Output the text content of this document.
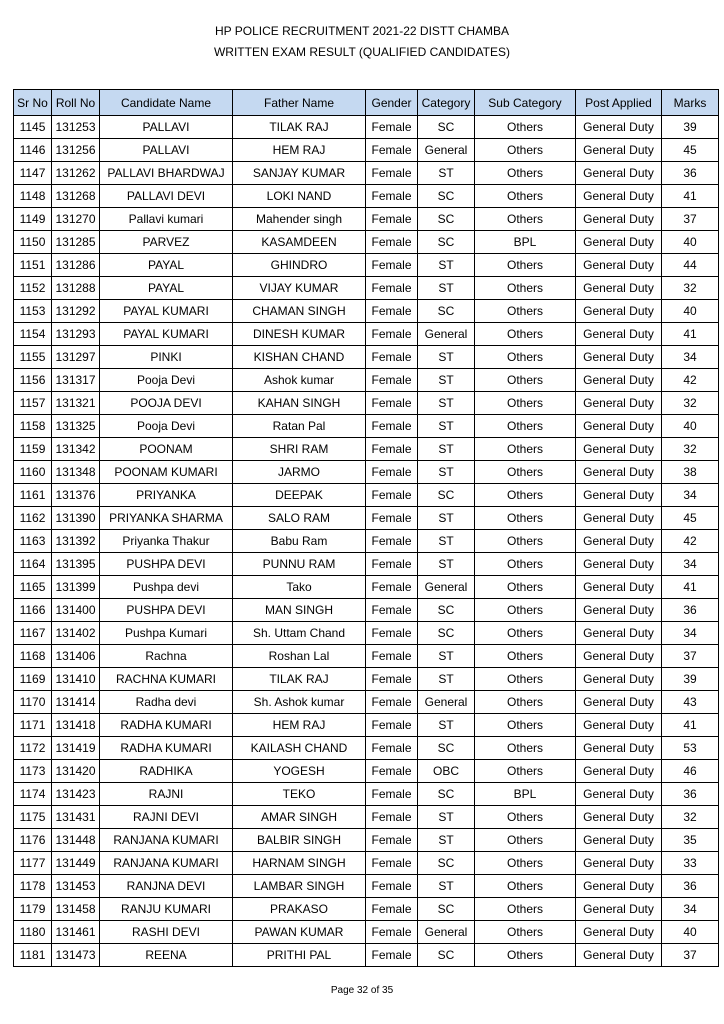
HP POLICE RECRUITMENT 2021-22 DISTT CHAMBA
WRITTEN EXAM RESULT (QUALIFIED CANDIDATES)
Sr No	Roll No	Candidate Name	Father Name	Gender	Category	Sub Category	Post Applied	Marks
1145	131253	PALLAVI	TILAK RAJ	Female	SC	Others	General Duty	39
1146	131256	PALLAVI	HEM RAJ	Female	General	Others	General Duty	45
1147	131262	PALLAVI BHARDWAJ	SANJAY KUMAR	Female	ST	Others	General Duty	36
1148	131268	PALLAVI DEVI	LOKI NAND	Female	SC	Others	General Duty	41
1149	131270	Pallavi kumari	Mahender singh	Female	SC	Others	General Duty	37
1150	131285	PARVEZ	KASAMDEEN	Female	SC	BPL	General Duty	40
1151	131286	PAYAL	GHINDRO	Female	ST	Others	General Duty	44
1152	131288	PAYAL	VIJAY KUMAR	Female	ST	Others	General Duty	32
1153	131292	PAYAL KUMARI	CHAMAN SINGH	Female	SC	Others	General Duty	40
1154	131293	PAYAL KUMARI	DINESH KUMAR	Female	General	Others	General Duty	41
1155	131297	PINKI	KISHAN CHAND	Female	ST	Others	General Duty	34
1156	131317	Pooja Devi	Ashok kumar	Female	ST	Others	General Duty	42
1157	131321	POOJA DEVI	KAHAN SINGH	Female	ST	Others	General Duty	32
1158	131325	Pooja Devi	Ratan Pal	Female	ST	Others	General Duty	40
1159	131342	POONAM	SHRI RAM	Female	ST	Others	General Duty	32
1160	131348	POONAM KUMARI	JARMO	Female	ST	Others	General Duty	38
1161	131376	PRIYANKA	DEEPAK	Female	SC	Others	General Duty	34
1162	131390	PRIYANKA SHARMA	SALO RAM	Female	ST	Others	General Duty	45
1163	131392	Priyanka Thakur	Babu Ram	Female	ST	Others	General Duty	42
1164	131395	PUSHPA DEVI	PUNNU RAM	Female	ST	Others	General Duty	34
1165	131399	Pushpa devi	Tako	Female	General	Others	General Duty	41
1166	131400	PUSHPA DEVI	MAN SINGH	Female	SC	Others	General Duty	36
1167	131402	Pushpa Kumari	Sh. Uttam Chand	Female	SC	Others	General Duty	34
1168	131406	Rachna	Roshan Lal	Female	ST	Others	General Duty	37
1169	131410	RACHNA KUMARI	TILAK RAJ	Female	ST	Others	General Duty	39
1170	131414	Radha devi	Sh. Ashok kumar	Female	General	Others	General Duty	43
1171	131418	RADHA KUMARI	HEM RAJ	Female	ST	Others	General Duty	41
1172	131419	RADHA KUMARI	KAILASH CHAND	Female	SC	Others	General Duty	53
1173	131420	RADHIKA	YOGESH	Female	OBC	Others	General Duty	46
1174	131423	RAJNI	TEKO	Female	SC	BPL	General Duty	36
1175	131431	RAJNI DEVI	AMAR SINGH	Female	ST	Others	General Duty	32
1176	131448	RANJANA KUMARI	BALBIR SINGH	Female	ST	Others	General Duty	35
1177	131449	RANJANA KUMARI	HARNAM SINGH	Female	SC	Others	General Duty	33
1178	131453	RANJNA DEVI	LAMBAR SINGH	Female	ST	Others	General Duty	36
1179	131458	RANJU KUMARI	PRAKASO	Female	SC	Others	General Duty	34
1180	131461	RASHI DEVI	PAWAN KUMAR	Female	General	Others	General Duty	40
1181	131473	REENA	PRITHI PAL	Female	SC	Others	General Duty	37
Page 32 of 35
